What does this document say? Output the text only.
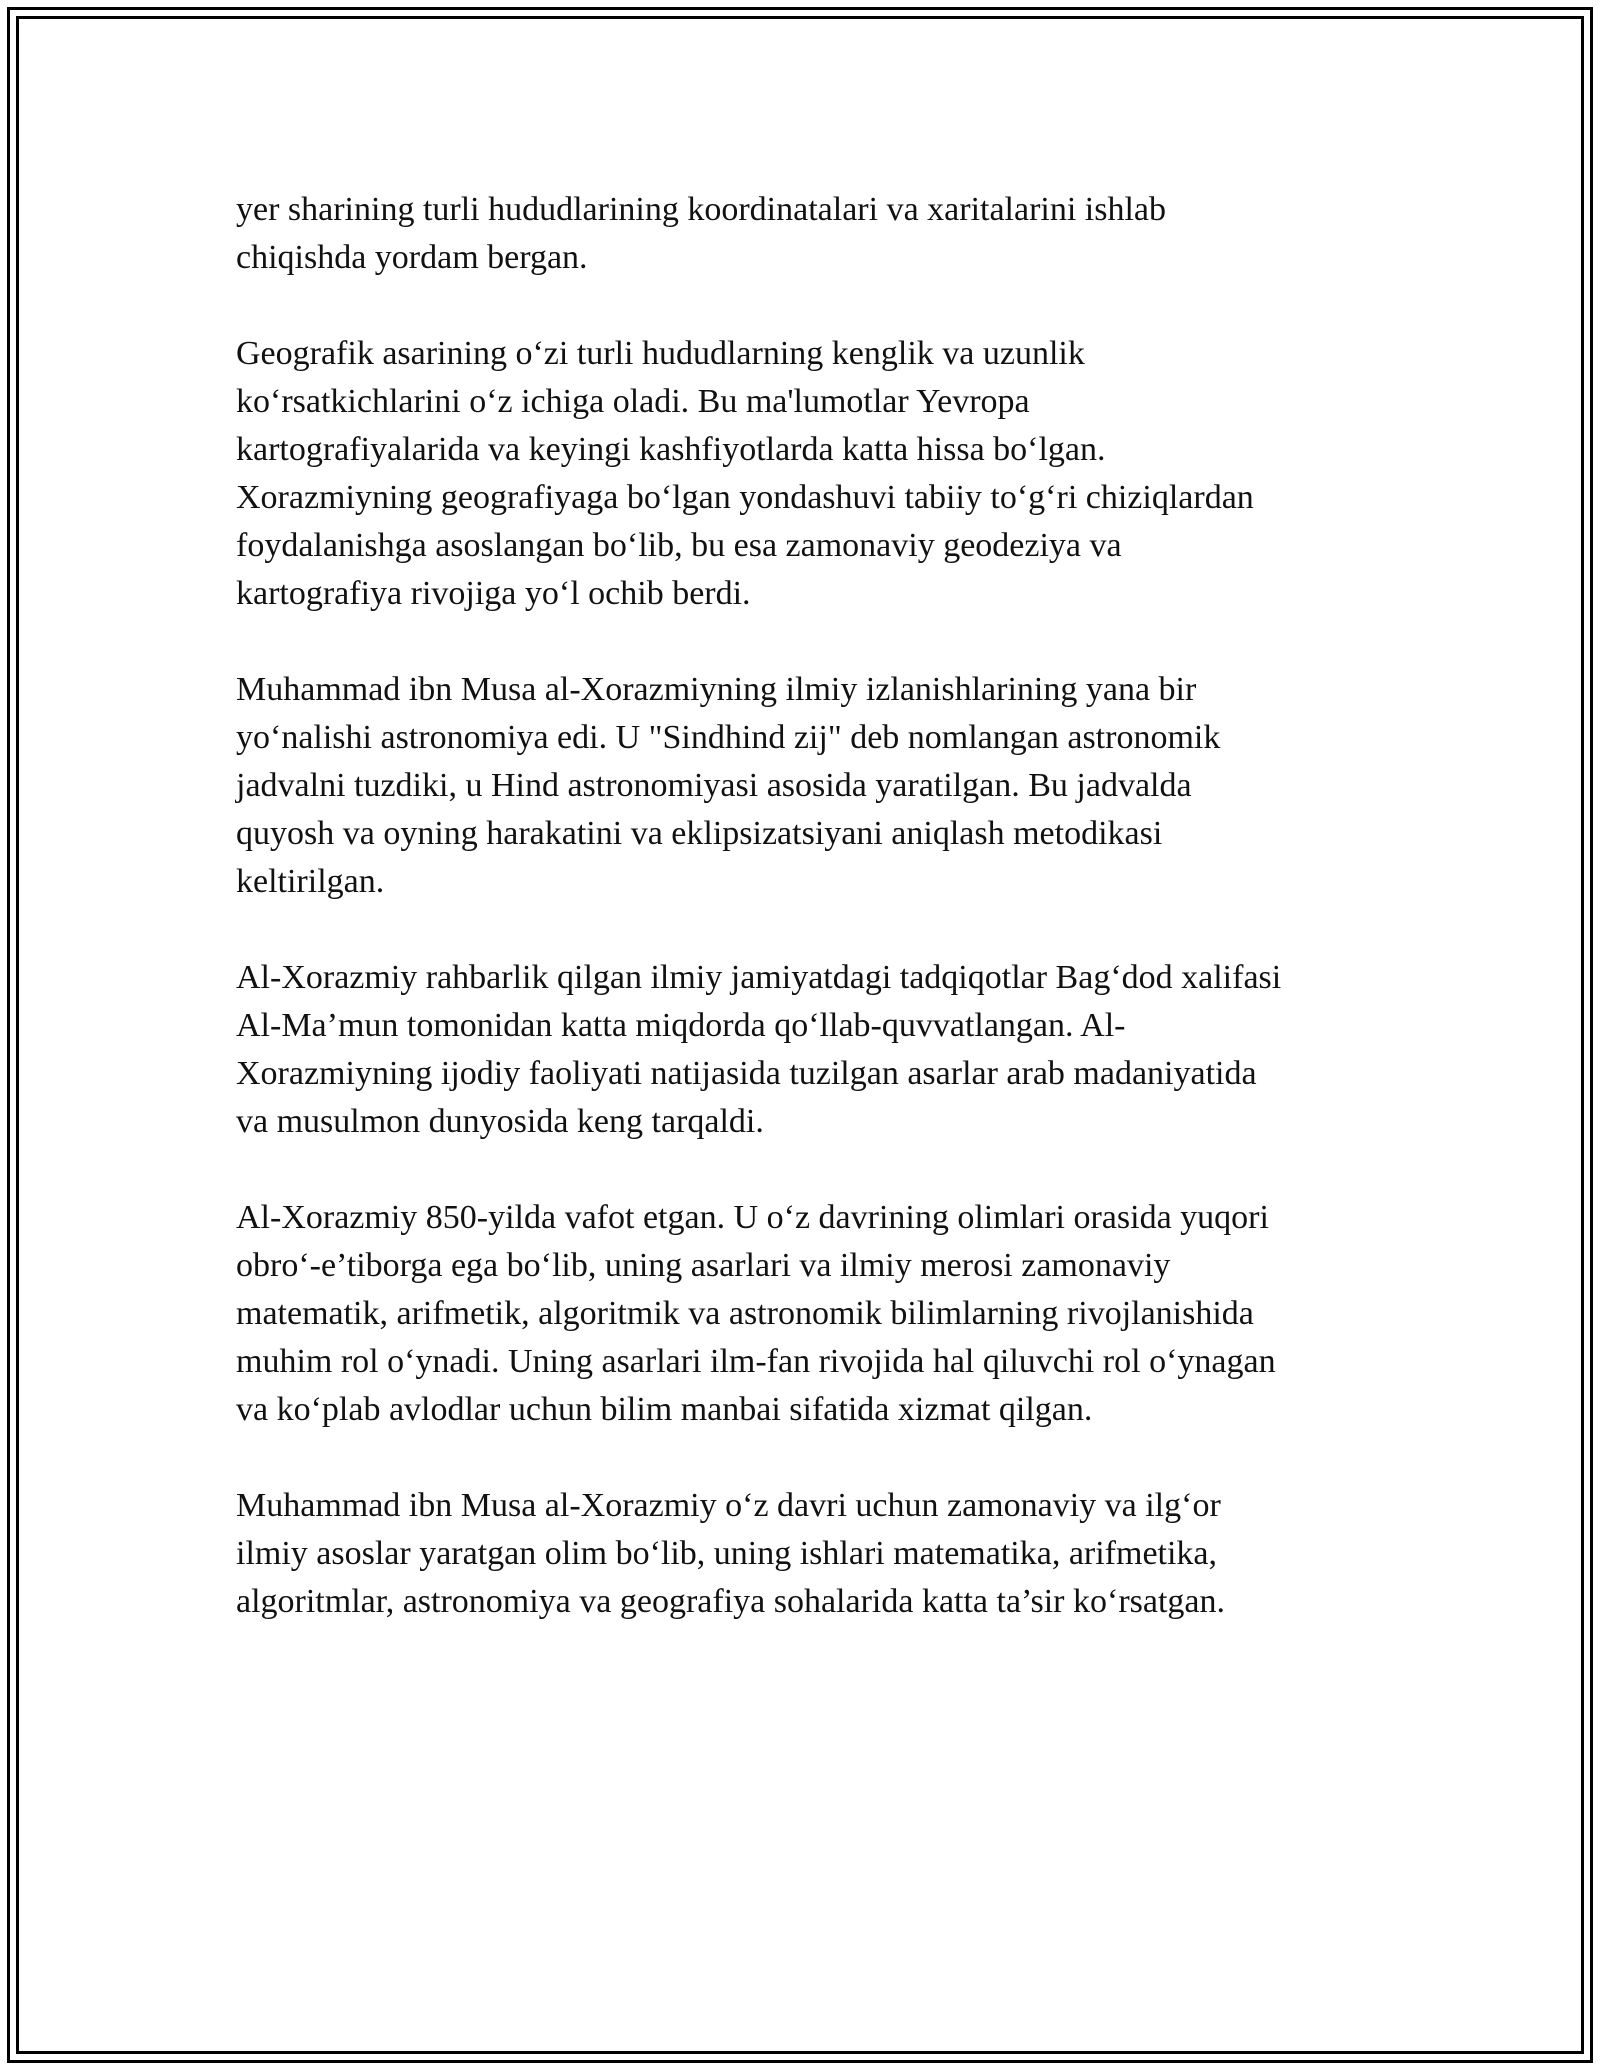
yer sharining turli hududlarining koordinatalari va xaritalarini ishlab
chiqishda yordam bergan.

Geografik asarining o‘zi turli hududlarning kenglik va uzunlik
ko‘rsatkichlarini o‘z ichiga oladi. Bu ma'lumotlar Yevropa
kartografiyalarida va keyingi kashfiyotlarda katta hissa bo‘lgan.
Xorazmiyning geografiyaga bo‘lgan yondashuvi tabiiy to‘g‘ri chiziqlardan
foydalanishga asoslangan bo‘lib, bu esa zamonaviy geodeziya va
kartografiya rivojiga yo‘l ochib berdi.

Muhammad ibn Musa al-Xorazmiyning ilmiy izlanishlarining yana bir
yo‘nalishi astronomiya edi. U "Sindhind zij" deb nomlangan astronomik
jadvalni tuzdiki, u Hind astronomiyasi asosida yaratilgan. Bu jadvalda
quyosh va oyning harakatini va eklipsizatsiyani aniqlash metodikasi
keltirilgan.

Al-Xorazmiy rahbarlik qilgan ilmiy jamiyatdagi tadqiqotlar Bag‘dod xalifasi
Al-Ma’mun tomonidan katta miqdorda qo‘llab-quvvatlangan. Al-
Xorazmiyning ijodiy faoliyati natijasida tuzilgan asarlar arab madaniyatida
va musulmon dunyosida keng tarqaldi.

Al-Xorazmiy 850-yilda vafot etgan. U o‘z davrining olimlari orasida yuqori
obro‘-e’tiborga ega bo‘lib, uning asarlari va ilmiy merosi zamonaviy
matematik, arifmetik, algoritmik va astronomik bilimlarning rivojlanishida
muhim rol o‘ynadi. Uning asarlari ilm-fan rivojida hal qiluvchi rol o‘ynagan
va ko‘plab avlodlar uchun bilim manbai sifatida xizmat qilgan.

Muhammad ibn Musa al-Xorazmiy o‘z davri uchun zamonaviy va ilg‘or
ilmiy asoslar yaratgan olim bo‘lib, uning ishlari matematika, arifmetika,
algoritmlar, astronomiya va geografiya sohalarida katta ta’sir ko‘rsatgan.
